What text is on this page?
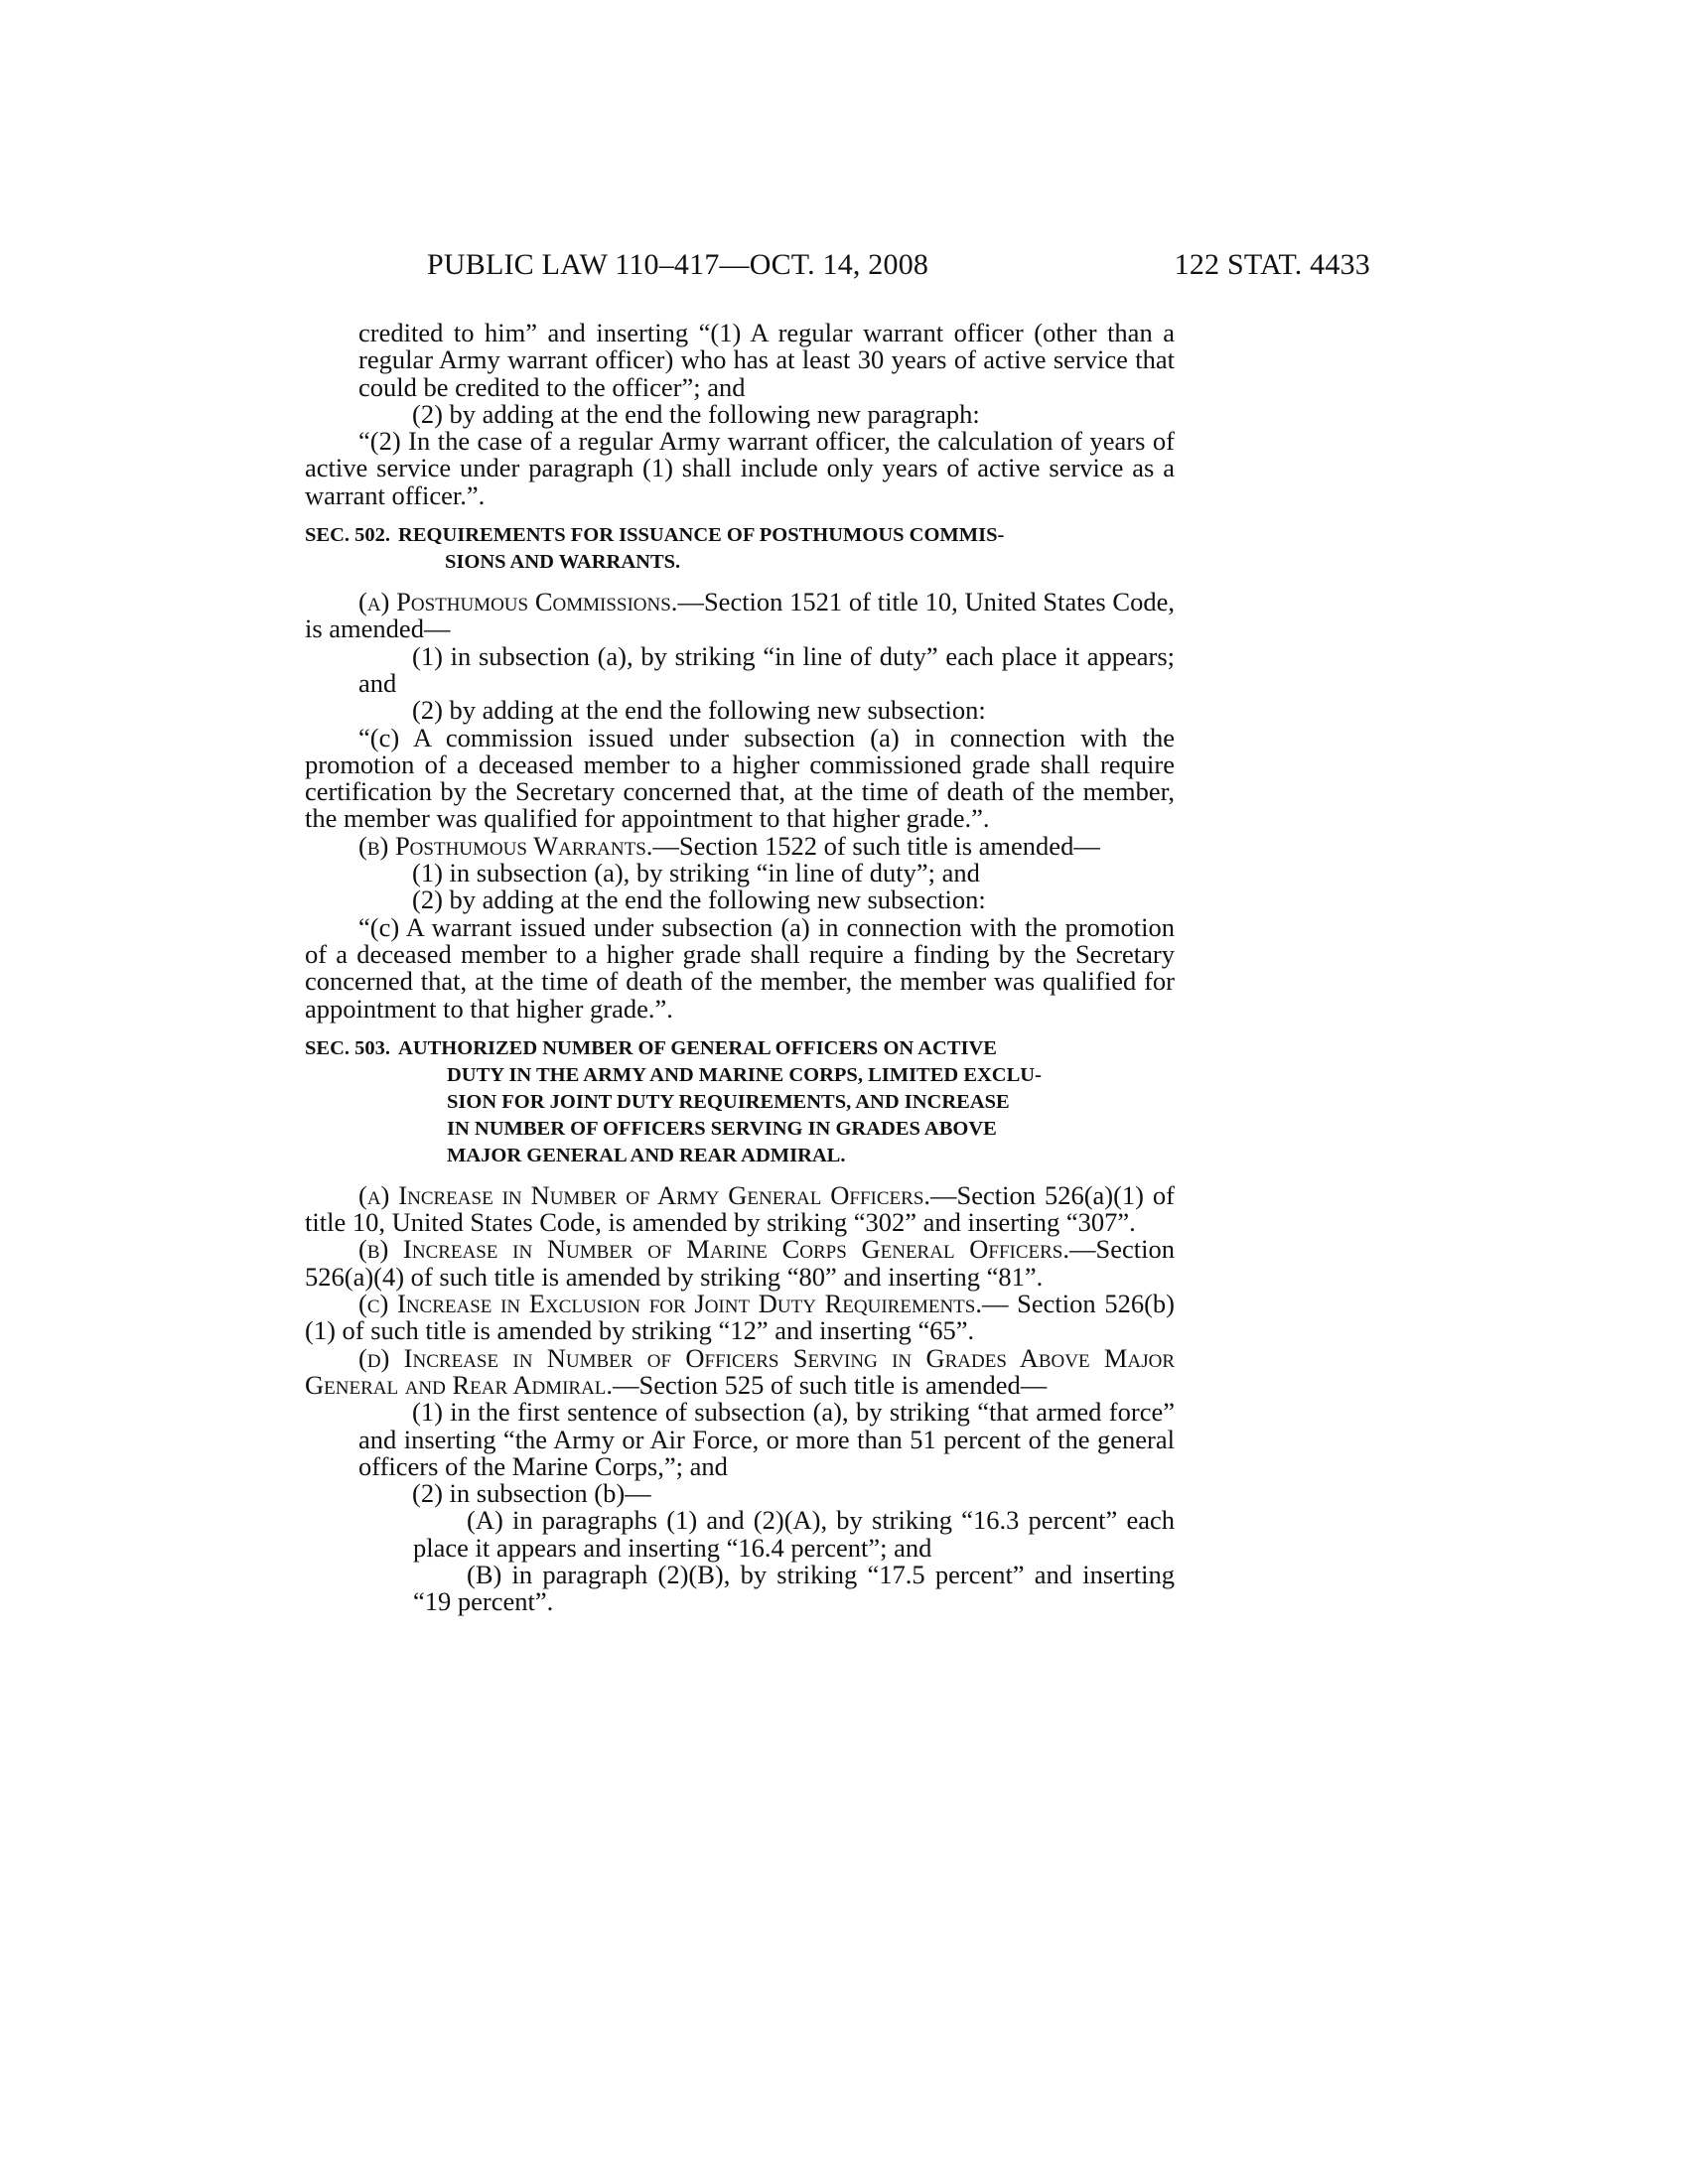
PUBLIC LAW 110–417—OCT. 14, 2008	122 STAT. 4433

credited to him” and inserting “(1) A regular warrant officer (other than a regular Army warrant officer) who has at least 30 years of active service that could be credited to the officer”; and

(2) by adding at the end the following new paragraph:

“(2) In the case of a regular Army warrant officer, the calculation of years of active service under paragraph (1) shall include only years of active service as a warrant officer.”.

SEC. 502. REQUIREMENTS FOR ISSUANCE OF POSTHUMOUS COMMIS-
SIONS AND WARRANTS.

(a) Posthumous Commissions.—Section 1521 of title 10, United States Code, is amended—

(1) in subsection (a), by striking “in line of duty” each place it appears; and

(2) by adding at the end the following new subsection:

“(c) A commission issued under subsection (a) in connection with the promotion of a deceased member to a higher commissioned grade shall require certification by the Secretary concerned that, at the time of death of the member, the member was qualified for appointment to that higher grade.”.

(b) Posthumous Warrants.—Section 1522 of such title is amended—

(1) in subsection (a), by striking “in line of duty”; and

(2) by adding at the end the following new subsection:

“(c) A warrant issued under subsection (a) in connection with the promotion of a deceased member to a higher grade shall require a finding by the Secretary concerned that, at the time of death of the member, the member was qualified for appointment to that higher grade.”.

SEC. 503. AUTHORIZED NUMBER OF GENERAL OFFICERS ON ACTIVE
DUTY IN THE ARMY AND MARINE CORPS, LIMITED EXCLU-
SION FOR JOINT DUTY REQUIREMENTS, AND INCREASE
IN NUMBER OF OFFICERS SERVING IN GRADES ABOVE
MAJOR GENERAL AND REAR ADMIRAL.

(a) Increase in Number of Army General Officers.—Section 526(a)(1) of title 10, United States Code, is amended by striking “302” and inserting “307”.

(b) Increase in Number of Marine Corps General Officers.—Section 526(a)(4) of such title is amended by striking “80” and inserting “81”.

(c) Increase in Exclusion for Joint Duty Requirements.— Section 526(b)(1) of such title is amended by striking “12” and inserting “65”.

(d) Increase in Number of Officers Serving in Grades Above Major General and Rear Admiral.—Section 525 of such title is amended—

(1) in the first sentence of subsection (a), by striking “that armed force” and inserting “the Army or Air Force, or more than 51 percent of the general officers of the Marine Corps,”; and

(2) in subsection (b)—

(A) in paragraphs (1) and (2)(A), by striking “16.3 percent” each place it appears and inserting “16.4 percent”; and

(B) in paragraph (2)(B), by striking “17.5 percent” and inserting “19 percent”.
